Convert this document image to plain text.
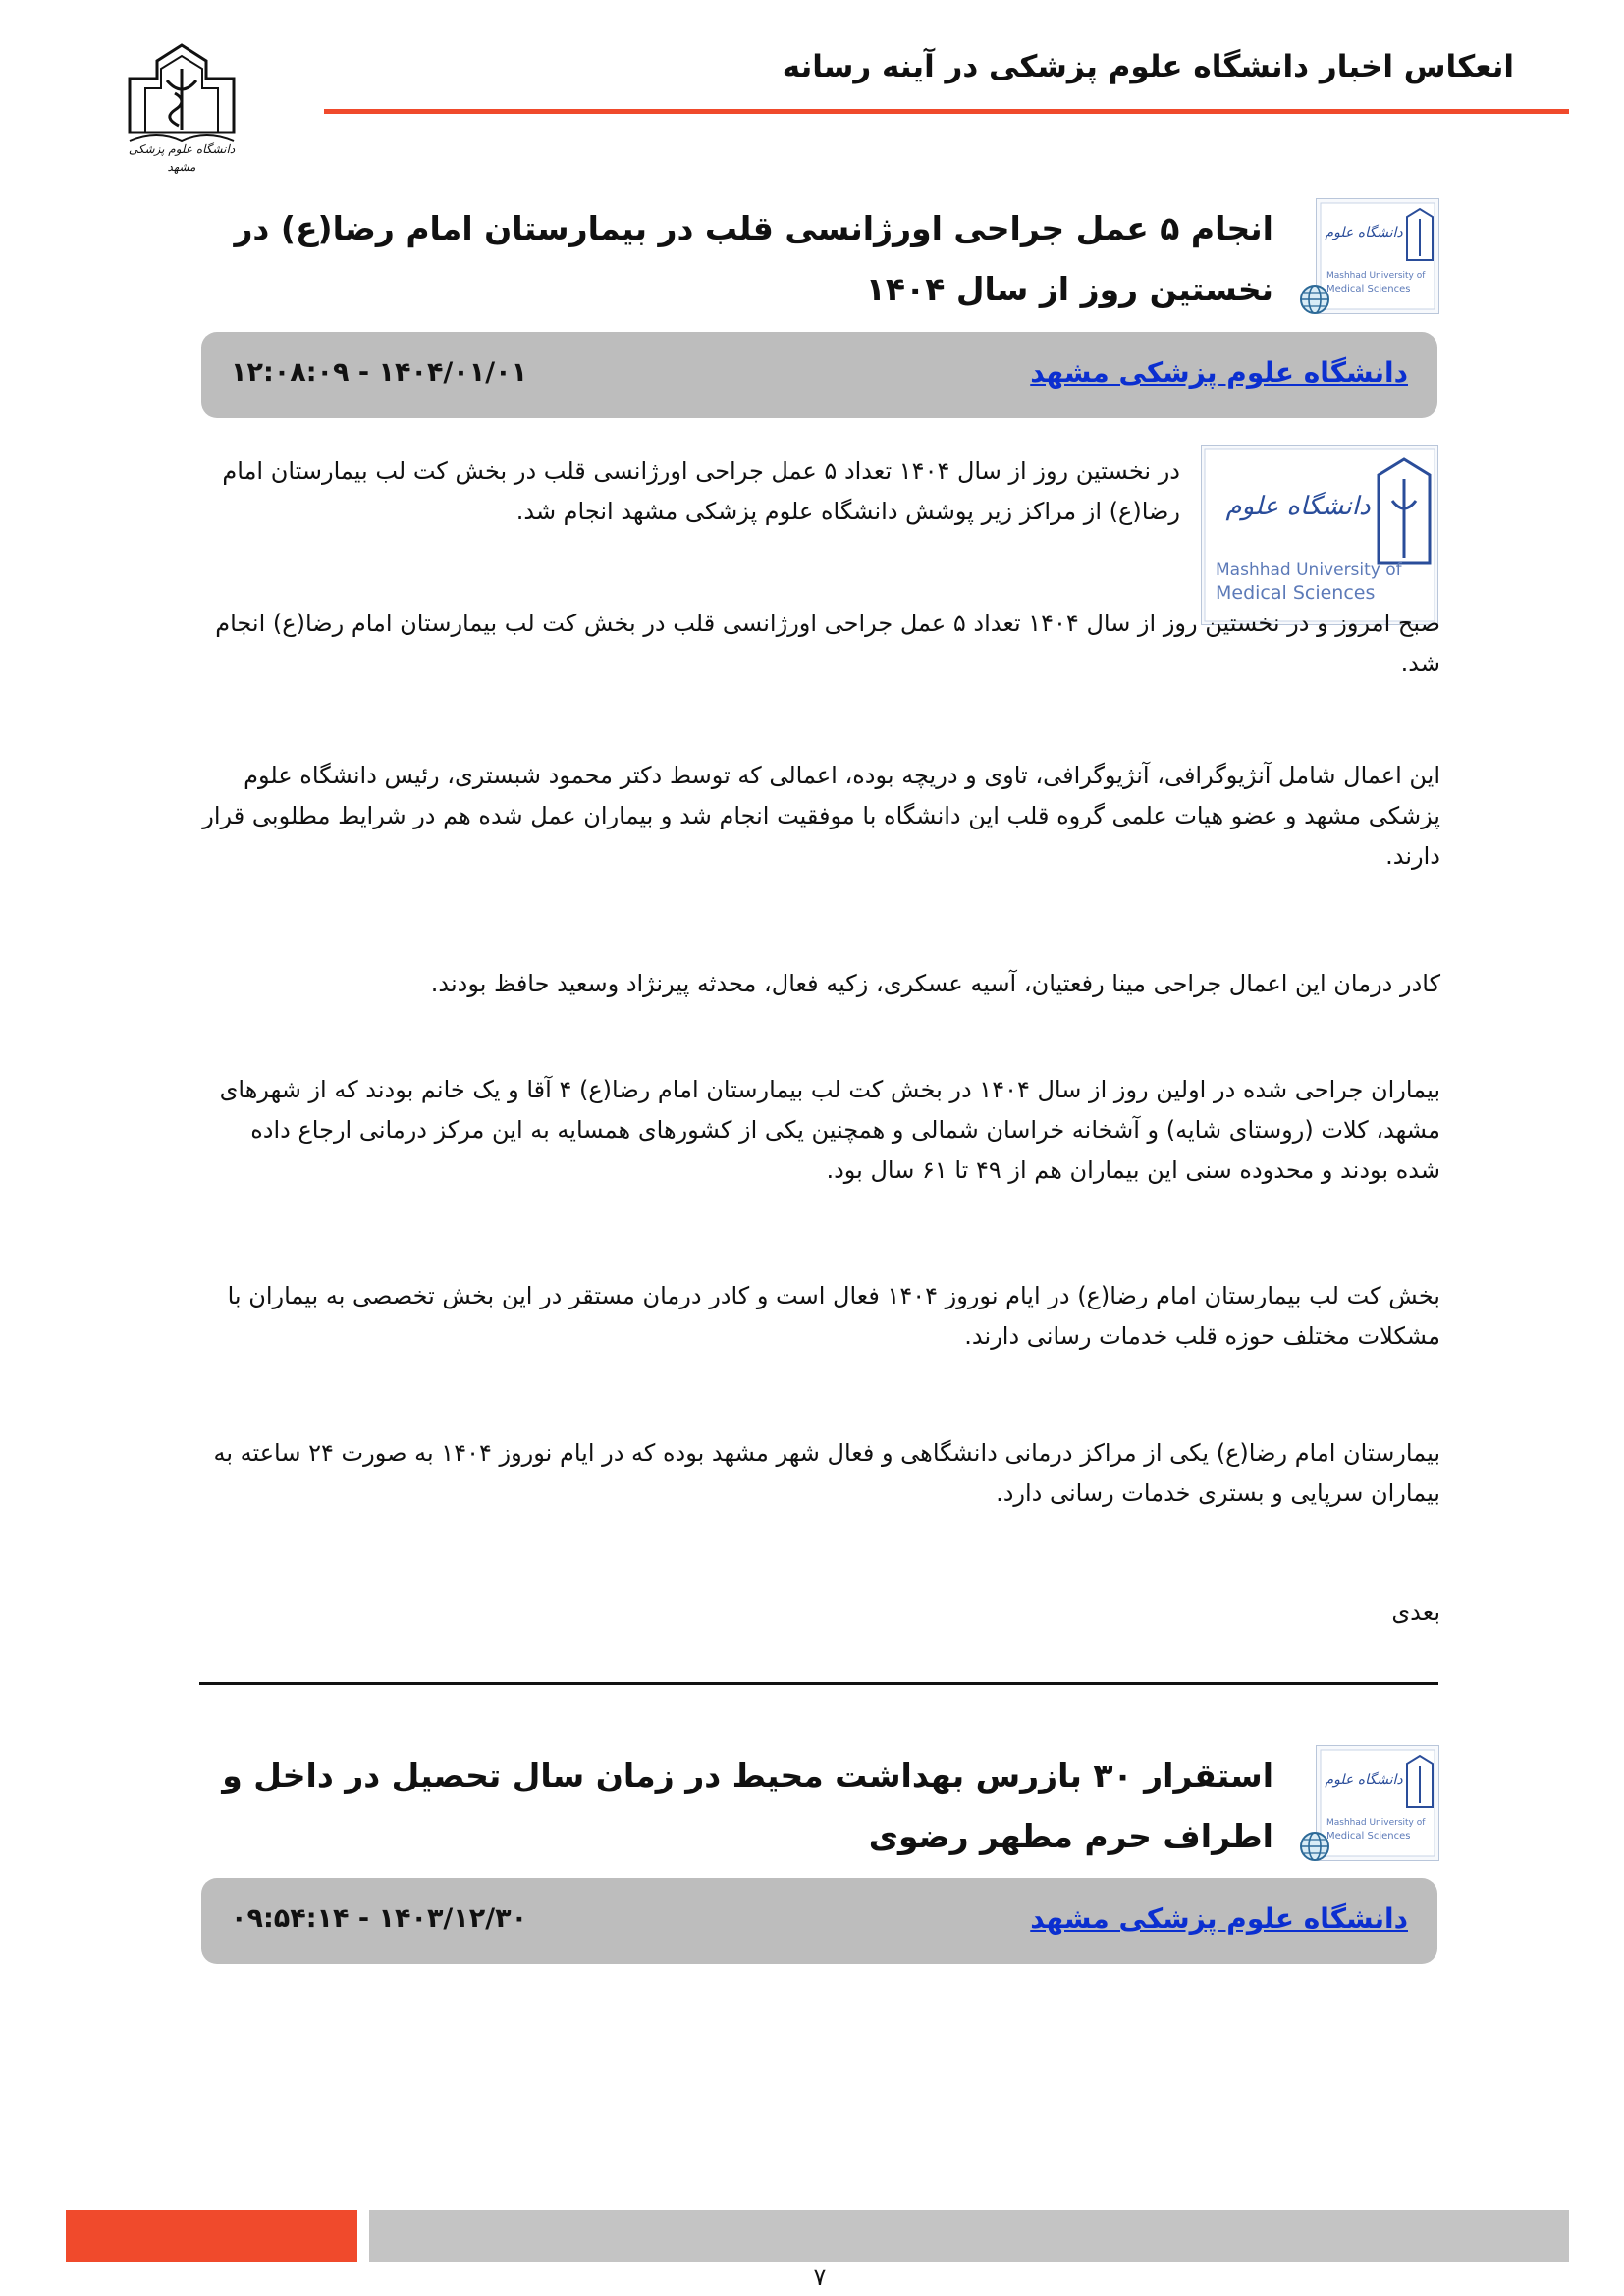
دانشگاه علوم پزشکی مشهد
انعکاس اخبار دانشگاه علوم پزشکی در آینه رسانه
دانشگاه علوم
Mashhad University of
Medical Sciences
انجام ۵ عمل جراحی اورژانسی قلب در بیمارستان امام رضا(ع) در نخستین روز از سال ۱۴۰۴
دانشگاه علوم پزشکی مشهد
۱۴۰۴/۰۱/۰۱ - ۱۲:۰۸:۰۹
دانشگاه علوم
Mashhad University of
Medical Sciences
در نخستین روز از سال ۱۴۰۴ تعداد ۵ عمل جراحی اورژانسی قلب در بخش کت لب بیمارستان امام رضا(ع) از مراکز زیر پوشش دانشگاه علوم پزشکی مشهد انجام شد.
صبح امروز و در نخستین روز از سال ۱۴۰۴ تعداد ۵ عمل جراحی اورژانسی قلب در بخش کت لب بیمارستان امام رضا(ع) انجام شد.
این اعمال شامل آنژیوگرافی، آنژیوگرافی، تاوی و دریچه بوده، اعمالی که توسط دکتر محمود شبستری، رئیس دانشگاه علوم پزشکی مشهد و عضو هیات علمی گروه قلب این دانشگاه با موفقیت انجام شد و بیماران عمل شده هم در شرایط مطلوبی قرار دارند.
کادر درمان این اعمال جراحی مینا رفعتیان، آسیه عسکری، زکیه فعال، محدثه پیرنژاد وسعید حافظ بودند.
بیماران جراحی شده در اولین روز از سال ۱۴۰۴ در بخش کت لب بیمارستان امام رضا(ع) ۴ آقا و یک خانم بودند که از شهرهای مشهد، کلات (روستای شایه) و آشخانه خراسان شمالی و همچنین یکی از کشورهای همسایه به این مرکز درمانی ارجاع داده شده بودند و محدوده سنی این بیماران هم از ۴۹ تا ۶۱ سال بود.
بخش کت لب بیمارستان امام رضا(ع) در ایام نوروز ۱۴۰۴ فعال است و کادر درمان مستقر در این بخش تخصصی به بیماران با مشکلات مختلف حوزه قلب خدمات رسانی دارند.
بیمارستان امام رضا(ع) یکی از مراکز درمانی دانشگاهی و فعال شهر مشهد بوده که در ایام نوروز ۱۴۰۴ به صورت ۲۴ ساعته به بیماران سرپایی و بستری خدمات رسانی دارد.
بعدی
دانشگاه علوم
Mashhad University of
Medical Sciences
استقرار ۳۰ بازرس بهداشت محیط در زمان سال تحصیل در داخل و اطراف حرم مطهر رضوی
دانشگاه علوم پزشکی مشهد
۱۴۰۳/۱۲/۳۰ - ۰۹:۵۴:۱۴
۷
